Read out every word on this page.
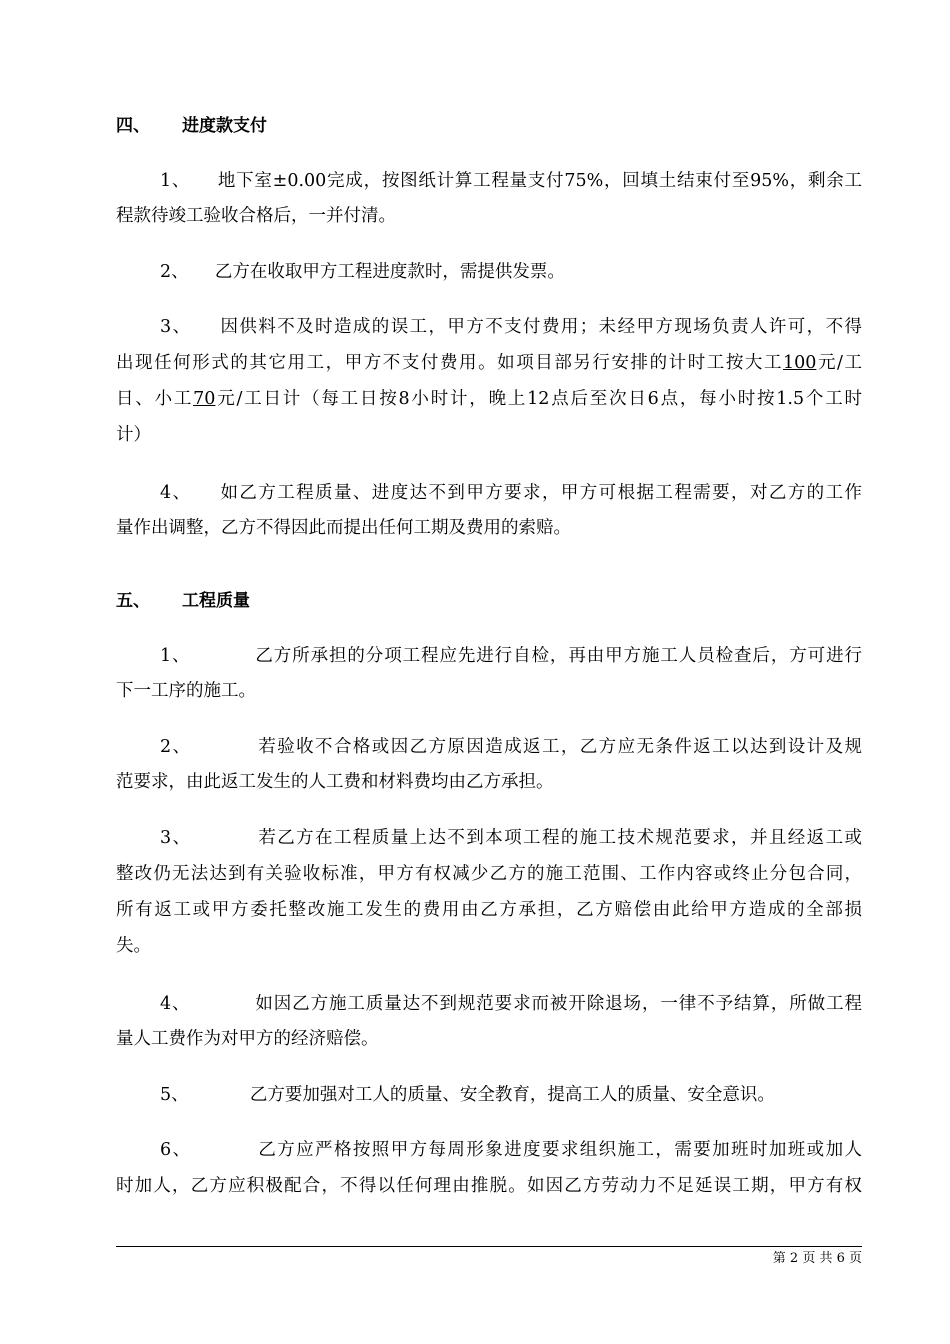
四、 进度款支付
1、　　地下室±0.00完成，按图纸计算工程量支付75%，回填土结束付至95%，剩余工
程款待竣工验收合格后，一并付清。
2、　　乙方在收取甲方工程进度款时，需提供发票。
3、　　因供料不及时造成的误工，甲方不支付费用；未经甲方现场负责人许可，不得
出现任何形式的其它用工，甲方不支付费用。如项目部另行安排的计时工按大工100元/工
日、小工70元/工日计（每工日按8小时计，晚上12点后至次日6点，每小时按1.5个工时
计）
4、　　如乙方工程质量、进度达不到甲方要求，甲方可根据工程需要，对乙方的工作
量作出调整，乙方不得因此而提出任何工期及费用的索赔。
五、 工程质量
1、　　　　乙方所承担的分项工程应先进行自检，再由甲方施工人员检查后，方可进行
下一工序的施工。
2、　　　　若验收不合格或因乙方原因造成返工，乙方应无条件返工以达到设计及规
范要求，由此返工发生的人工费和材料费均由乙方承担。
3、　　　　若乙方在工程质量上达不到本项工程的施工技术规范要求，并且经返工或
整改仍无法达到有关验收标准，甲方有权减少乙方的施工范围、工作内容或终止分包合同，
所有返工或甲方委托整改施工发生的费用由乙方承担，乙方赔偿由此给甲方造成的全部损
失。
4、　　　　如因乙方施工质量达不到规范要求而被开除退场，一律不予结算，所做工程
量人工费作为对甲方的经济赔偿。
5、　　　　乙方要加强对工人的质量、安全教育，提高工人的质量、安全意识。
6、　　　　乙方应严格按照甲方每周形象进度要求组织施工，需要加班时加班或加人
时加人，乙方应积极配合，不得以任何理由推脱。如因乙方劳动力不足延误工期，甲方有权
第 2 页 共 6 页
